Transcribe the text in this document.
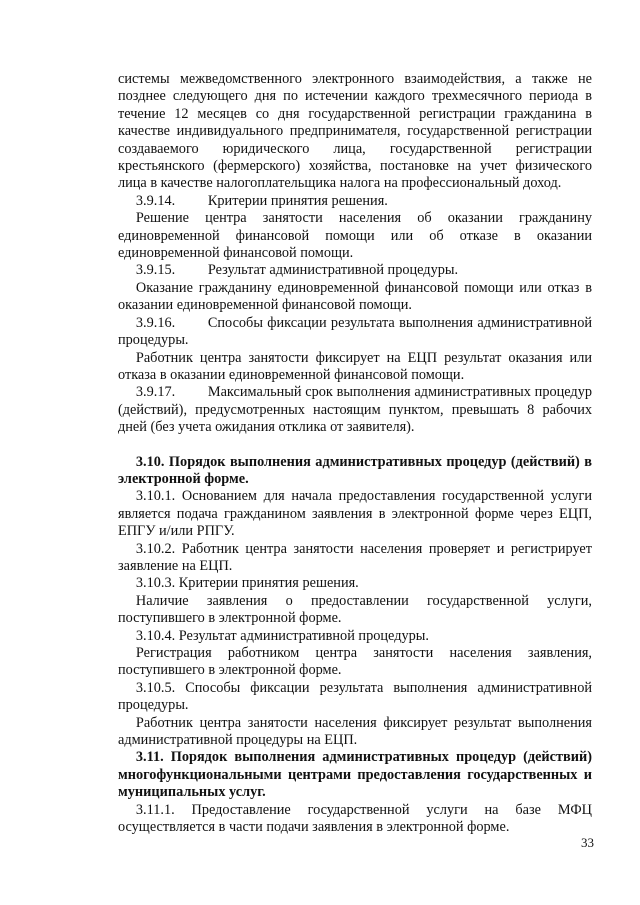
системы межведомственного электронного взаимодействия, а также не позднее следующего дня по истечении каждого трехмесячного периода в течение 12 месяцев со дня государственной регистрации гражданина в качестве индивидуального предпринимателя, государственной регистрации создаваемого юридического лица, государственной регистрации крестьянского (фермерского) хозяйства, постановке на учет физического лица в качестве налогоплательщика налога на профессиональный доход.

3.9.14. Критерии принятия решения.

Решение центра занятости населения об оказании гражданину единовременной финансовой помощи или об отказе в оказании единовременной финансовой помощи.

3.9.15. Результат административной процедуры.

Оказание гражданину единовременной финансовой помощи или отказ в оказании единовременной финансовой помощи.

3.9.16. Способы фиксации результата выполнения административной процедуры.

Работник центра занятости фиксирует на ЕЦП результат оказания или отказа в оказании единовременной финансовой помощи.

3.9.17. Максимальный срок выполнения административных процедур (действий), предусмотренных настоящим пунктом, превышать 8 рабочих дней (без учета ожидания отклика от заявителя).

3.10. Порядок выполнения административных процедур (действий) в электронной форме.

3.10.1. Основанием для начала предоставления государственной услуги является подача гражданином заявления в электронной форме через ЕЦП, ЕПГУ и/или РПГУ.

3.10.2. Работник центра занятости населения проверяет и регистрирует заявление на ЕЦП.

3.10.3. Критерии принятия решения.

Наличие заявления о предоставлении государственной услуги, поступившего в электронной форме.

3.10.4. Результат административной процедуры.

Регистрация работником центра занятости населения заявления, поступившего в электронной форме.

3.10.5. Способы фиксации результата выполнения административной процедуры.

Работник центра занятости населения фиксирует результат выполнения административной процедуры на ЕЦП.

3.11. Порядок выполнения административных процедур (действий) многофункциональными центрами предоставления государственных и муниципальных услуг.

3.11.1. Предоставление государственной услуги на базе МФЦ осуществляется в части подачи заявления в электронной форме.

33
